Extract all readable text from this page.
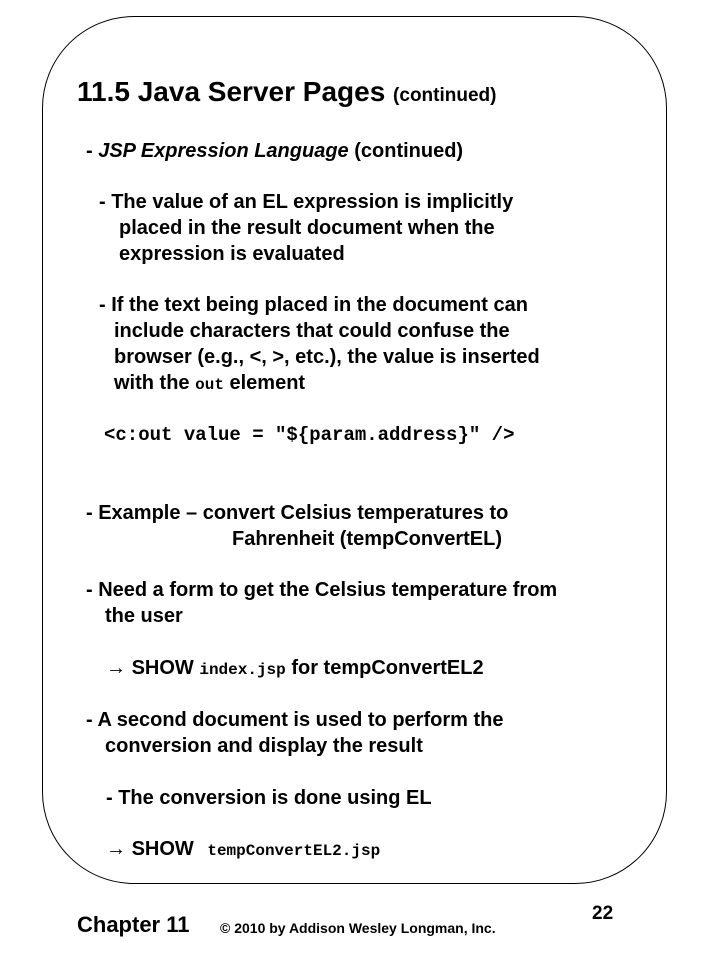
11.5 Java Server Pages (continued)
- JSP Expression Language (continued)
- The value of an EL expression is implicitly
placed in the result document when the
expression is evaluated
- If the text being placed in the document can
include characters that could confuse the
browser (e.g., <, >, etc.), the value is inserted
with the out element
<c:out value = "${param.address}" />
- Example – convert Celsius temperatures to
Fahrenheit (tempConvertEL)
- Need a form to get the Celsius temperature from
the user
→ SHOW index.jsp for tempConvertEL2
- A second document is used to perform the
conversion and display the result
- The conversion is done using EL
→ SHOW tempConvertEL2.jsp
Chapter 11 © 2010 by Addison Wesley Longman, Inc.
22
